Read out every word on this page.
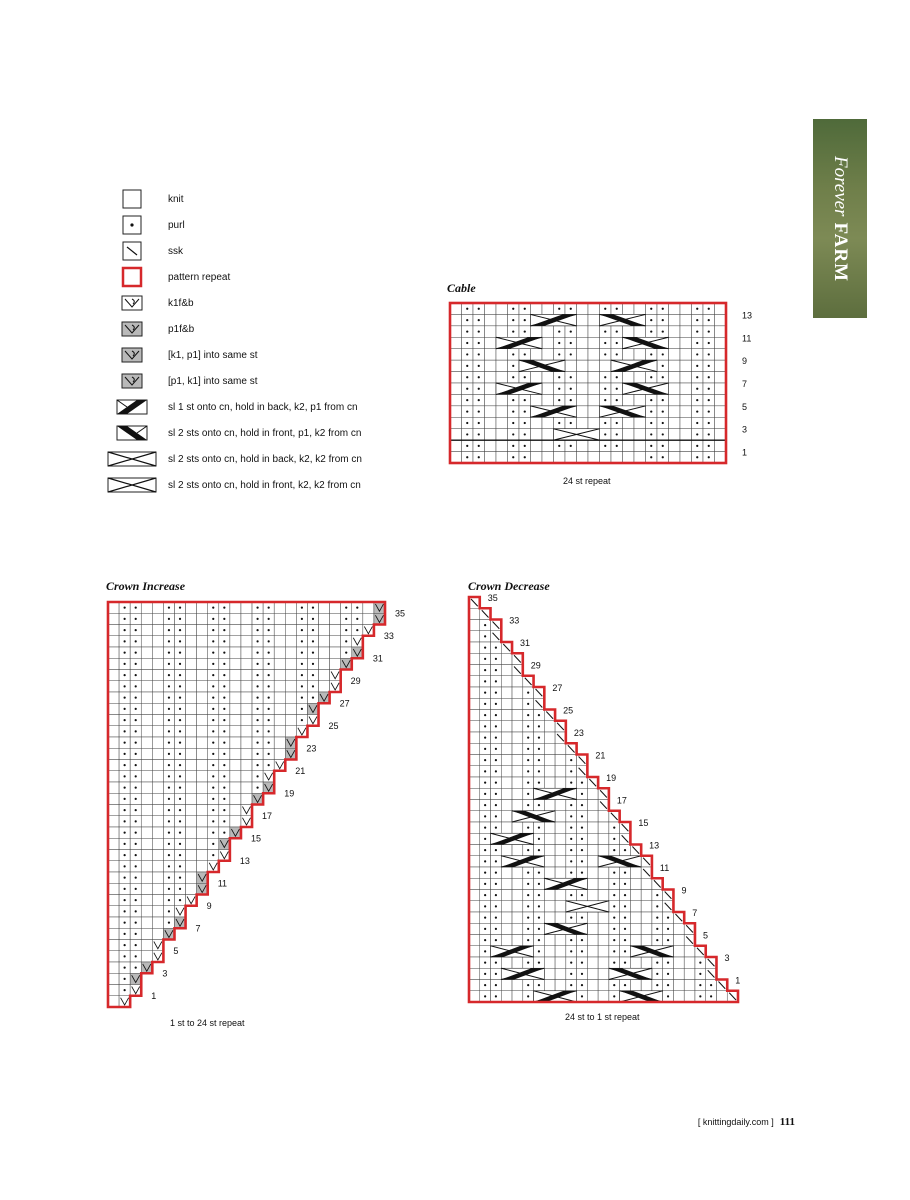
ForeverFARM
knit
purl
ssk
pattern repeat
k1f&b
p1f&b
[k1, p1] into same st
[p1, k1] into same st
sl 1 st onto cn, hold in back, k2, p1 from cn
sl 2 sts onto cn, hold in front, p1, k2 from cn
sl 2 sts onto cn, hold in back, k2, k2 from cn
sl 2 sts onto cn, hold in front, k2, k2 from cn
Cable
13
11
9
7
5
3
1
24 st repeat
Crown Increase
35
33
31
29
27
25
23
21
19
17
15
13
11
9
7
5
3
1
1 st to 24 st repeat
Crown Decrease
35
33
31
29
27
25
23
21
19
17
15
13
11
9
7
5
3
1
24 st to 1 st repeat
[ knittingdaily.com ] 111
